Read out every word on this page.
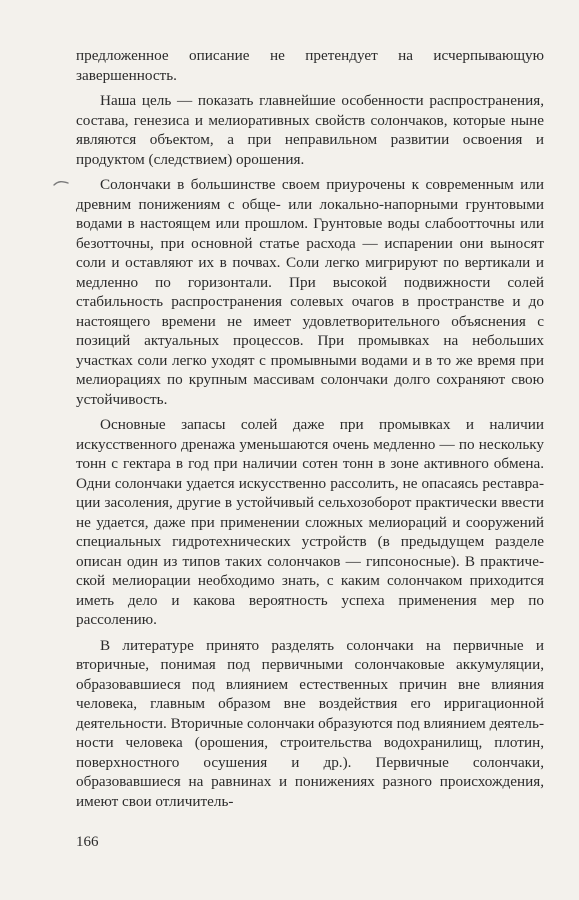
предложенное описание не претендует на исчерпывающую завершенность.

Наша цель — показать главнейшие особенности распространения, состава, генезиса и мелиоративных свойств солончаков, которые ныне являются объектом, а при неправильном развитии освоения и продуктом (следствием) орошения.

Солончаки в большинстве своем приурочены к современным или древним понижениям с обще- или локально-напорными грунтовыми водами в настоящем или прошлом. Грунтовые воды слабоотточны или безотточны, при основной статье расхода — испарении они выносят соли и оставляют их в почвах. Соли легко мигрируют по вертикали и медленно по горизонтали. При высокой подвижности солей стабильность распространения солевых очагов в пространстве и до настоящего времени не имеет удовлетворительного объяснения с позиций актуальных процессов. При промывках на небольших участках соли легко уходят с промывными водами и в то же время при мелиорациях по крупным массивам солончаки долго сохраняют свою устойчивость.

Основные запасы солей даже при промывках и наличии искусственного дренажа уменьшаются очень медленно — по нескольку тонн с гектара в год при наличии сотен тонн в зоне активного обмена. Одни солончаки удается искусственно рассолить, не опасаясь реставрации засоления, другие в устойчивый сельхозоборот практически ввести не удается, даже при применении сложных мелиораций и сооружений специальных гидротехнических устройств (в предыдущем разделе описан один из типов таких солончаков — гипсоносные). В практической мелиорации необходимо знать, с каким солончаком приходится иметь дело и какова вероятность успеха применения мер по рассолению.

В литературе принято разделять солончаки на первичные и вторичные, понимая под первичными солончаковые аккумуляции, образовавшиеся под влиянием естественных причин вне влияния человека, главным образом вне воздействия его ирригационной деятельности. Вторичные солончаки образуются под влиянием деятельности человека (орошения, строительства водохранилищ, плотин, поверхностного осушения и др.). Первичные солончаки, образовавшиеся на равнинах и понижениях разного происхождения, имеют свои отличитель-

166
